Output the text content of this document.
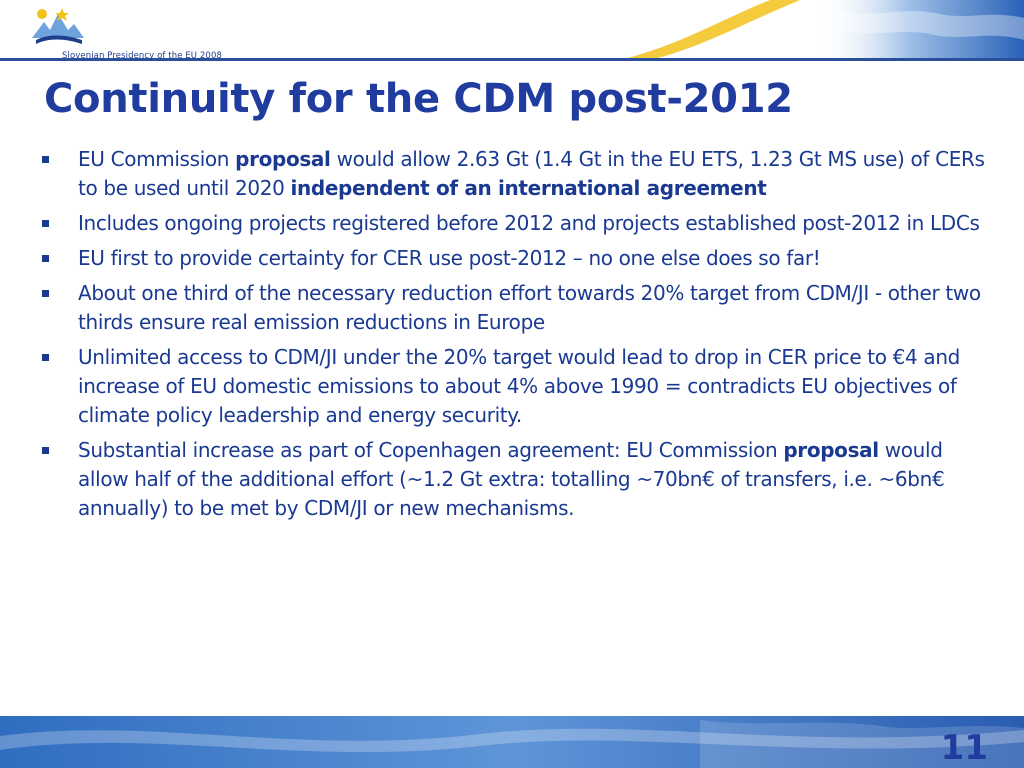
Slovenian Presidency of the EU 2008
Continuity for the CDM post-2012
EU Commission proposal would allow 2.63 Gt (1.4 Gt in the EU ETS, 1.23 Gt MS use) of CERs to be used until 2020 independent of an international agreement
Includes ongoing projects registered before 2012 and projects established post-2012 in LDCs
EU first to provide certainty for CER use post-2012 – no one else does so far!
About one third of the necessary reduction effort towards 20% target from CDM/JI - other two thirds ensure real emission reductions in Europe
Unlimited access to CDM/JI under the 20% target would lead to drop in CER price to €4 and increase of EU domestic emissions to about 4% above 1990 = contradicts EU objectives of climate policy leadership and energy security.
Substantial increase as part of Copenhagen agreement: EU Commission proposal would allow half of the additional effort (~1.2 Gt extra: totalling ~70bn€ of transfers, i.e. ~6bn€ annually) to be met by CDM/JI or new mechanisms.
11
